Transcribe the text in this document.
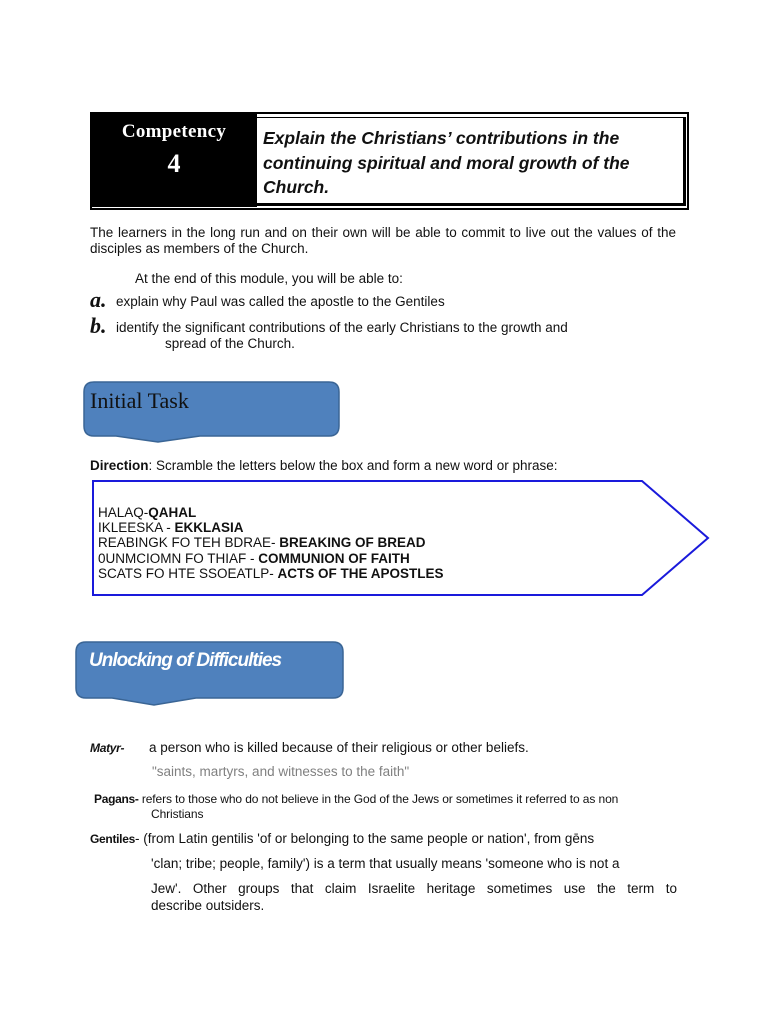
Competency
4
Explain the Christians’ contributions in the continuing spiritual and moral growth of the Church.
The learners in the long run and on their own will be able to commit to live out the values of the disciples as members of the Church.
At the end of this module, you will be able to:
a. explain why Paul was called the apostle to the Gentiles
b. identify the significant contributions of the early Christians to the growth and
spread of the Church.
Initial Task
Direction: Scramble the letters below the box and form a new word or phrase:
HALAQ-QAHAL
IKLEESKA - EKKLASIA
REABINGK FO TEH BDRAE- BREAKING OF BREAD
0UNMCIOMN FO THIAF - COMMUNION OF FAITH
SCATS FO HTE SSOEATLP- ACTS OF THE APOSTLES
Unlocking of Difficulties
Matyr- a person who is killed because of their religious or other beliefs.
"saints, martyrs, and witnesses to the faith"
Pagans- refers to those who do not believe in the God of the Jews or sometimes it referred to as non
Christians
Gentiles- (from Latin gentilis 'of or belonging to the same people or nation', from gēns
'clan; tribe; people, family') is a term that usually means 'someone who is not a
Jew'. Other groups that claim Israelite heritage sometimes use the term to
describe outsiders.
